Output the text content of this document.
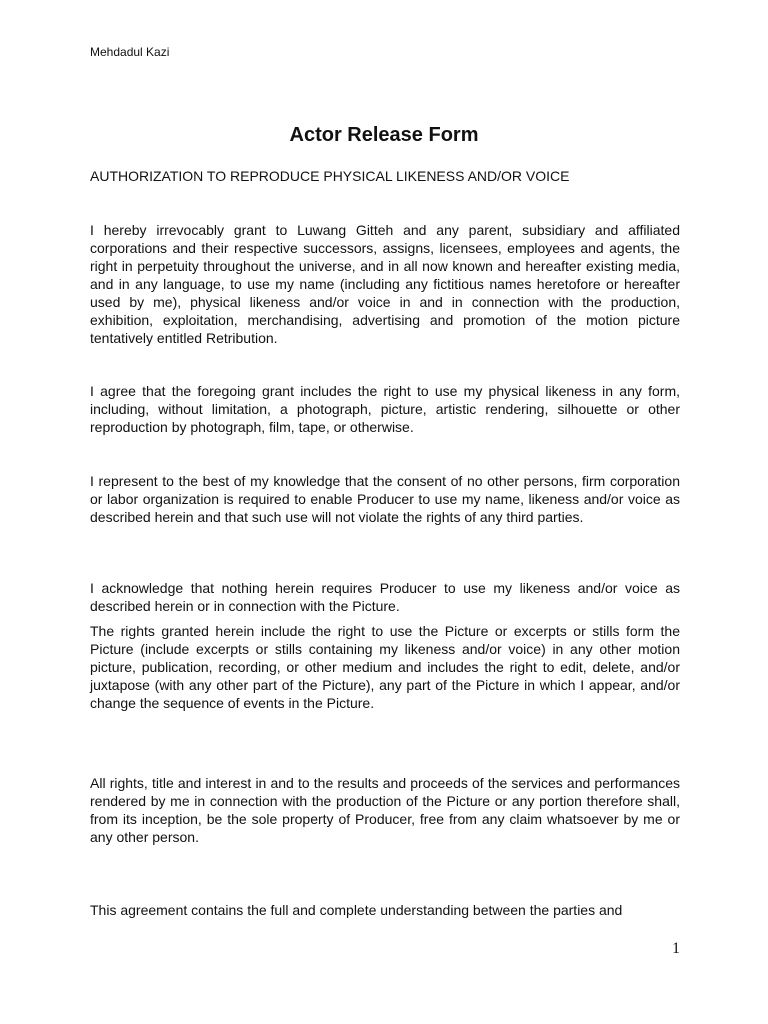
Mehdadul Kazi
Actor Release Form

AUTHORIZATION TO REPRODUCE PHYSICAL LIKENESS AND/OR VOICE

I hereby irrevocably grant to Luwang Gitteh and any parent, subsidiary and affiliated corporations and their respective successors, assigns, licensees, employees and agents, the right in perpetuity throughout the universe, and in all now known and hereafter existing media, and in any language, to use my name (including any fictitious names heretofore or hereafter used by me), physical likeness and/or voice in and in connection with the production, exhibition, exploitation, merchandising, advertising and promotion of the motion picture tentatively entitled Retribution.

I agree that the foregoing grant includes the right to use my physical likeness in any form, including, without limitation, a photograph, picture, artistic rendering, silhouette or other reproduction by photograph, film, tape, or otherwise.

I represent to the best of my knowledge that the consent of no other persons, firm corporation or labor organization is required to enable Producer to use my name, likeness and/or voice as described herein and that such use will not violate the rights of any third parties.

I acknowledge that nothing herein requires Producer to use my likeness and/or voice as described herein or in connection with the Picture.

The rights granted herein include the right to use the Picture or excerpts or stills form the Picture (include excerpts or stills containing my likeness and/or voice) in any other motion picture, publication, recording, or other medium and includes the right to edit, delete, and/or juxtapose (with any other part of the Picture), any part of the Picture in which I appear, and/or change the sequence of events in the Picture.

All rights, title and interest in and to the results and proceeds of the services and performances rendered by me in connection with the production of the Picture or any portion therefore shall, from its inception, be the sole property of Producer, free from any claim whatsoever by me or any other person.

This agreement contains the full and complete understanding between the parties and

1
